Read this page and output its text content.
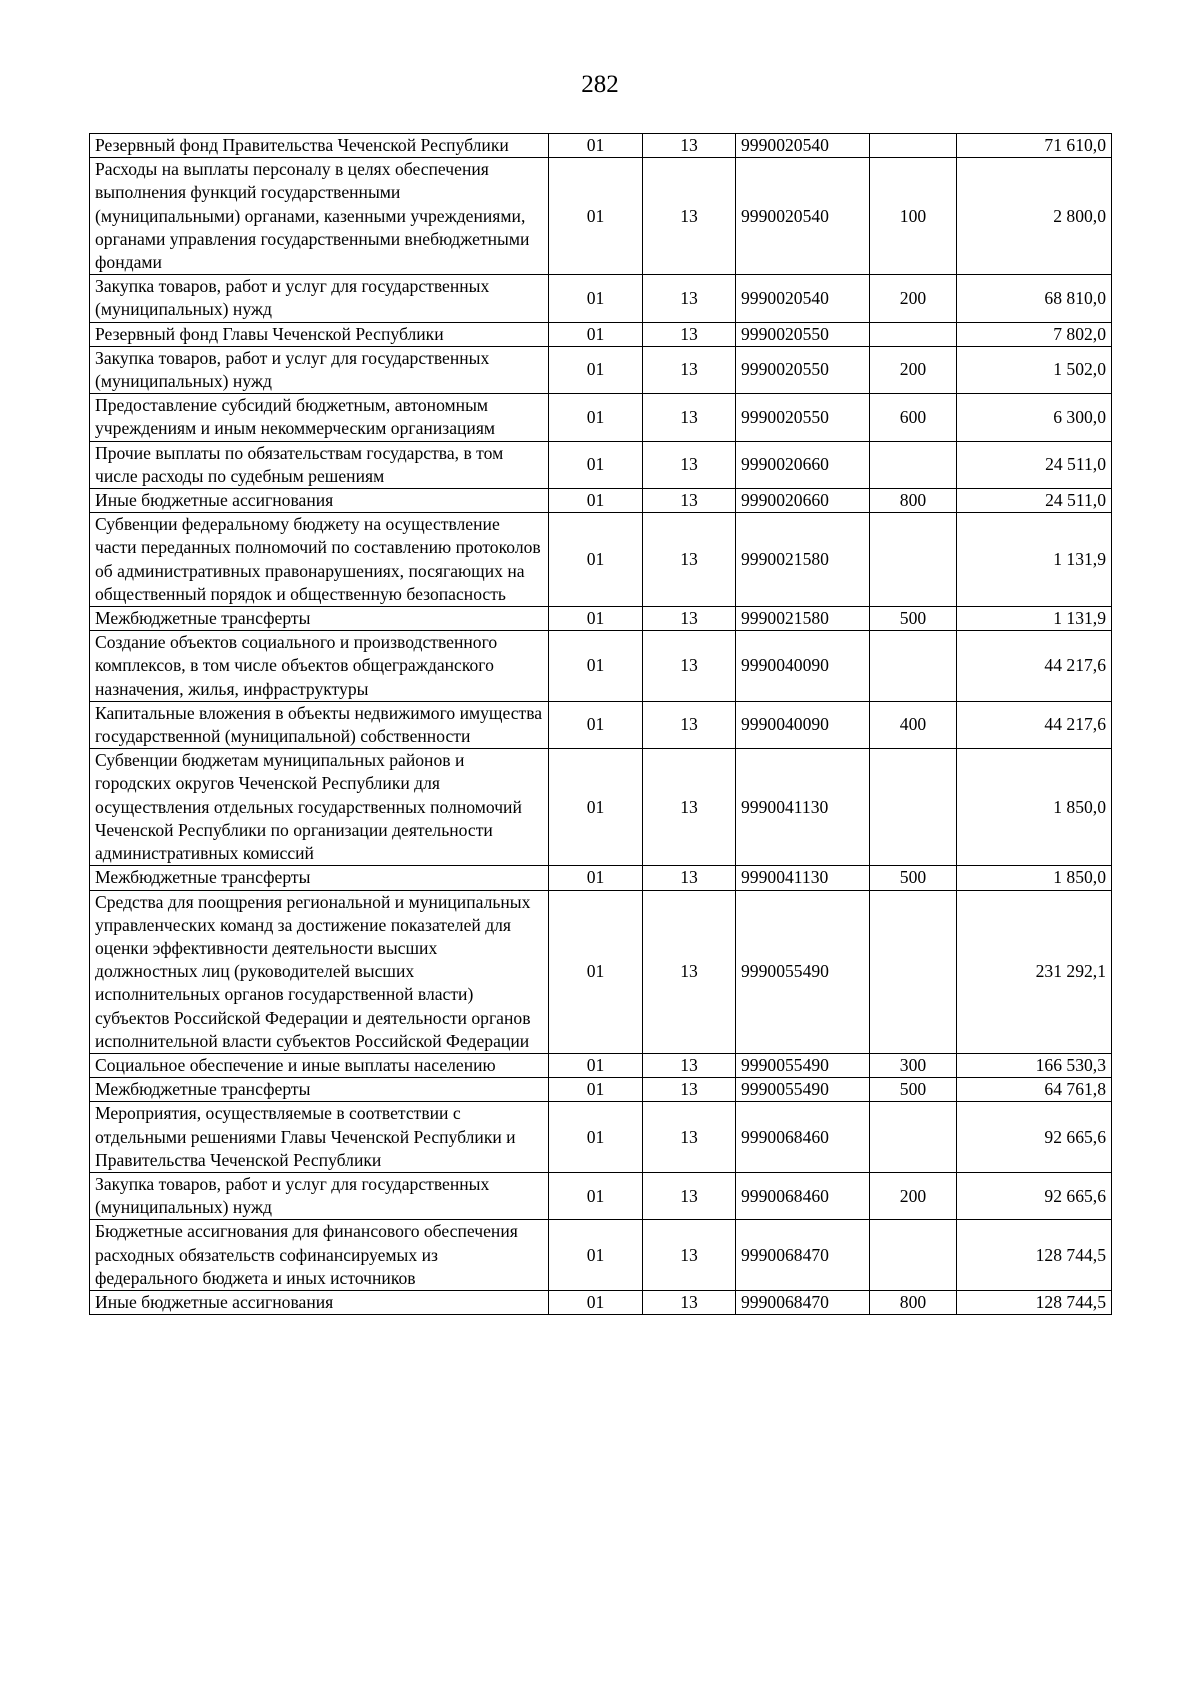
282
Резервный фонд Правительства Чеченской Республики	01	13	9990020540		71 610,0
Расходы на выплаты персоналу в целях обеспечения выполнения функций государственными (муниципальными) органами, казенными учреждениями, органами управления государственными внебюджетными фондами	01	13	9990020540	100	2 800,0
Закупка товаров, работ и услуг для государственных (муниципальных) нужд	01	13	9990020540	200	68 810,0
Резервный фонд Главы Чеченской Республики	01	13	9990020550		7 802,0
Закупка товаров, работ и услуг для государственных (муниципальных) нужд	01	13	9990020550	200	1 502,0
Предоставление субсидий бюджетным, автономным учреждениям и иным некоммерческим организациям	01	13	9990020550	600	6 300,0
Прочие выплаты по обязательствам государства, в том числе расходы по судебным решениям	01	13	9990020660		24 511,0
Иные бюджетные ассигнования	01	13	9990020660	800	24 511,0
Субвенции федеральному бюджету на осуществление части переданных полномочий по составлению протоколов об административных правонарушениях, посягающих на общественный порядок и общественную безопасность	01	13	9990021580		1 131,9
Межбюджетные трансферты	01	13	9990021580	500	1 131,9
Создание объектов социального и производственного комплексов, в том числе объектов общегражданского назначения, жилья, инфраструктуры	01	13	9990040090		44 217,6
Капитальные вложения в объекты недвижимого имущества государственной (муниципальной) собственности	01	13	9990040090	400	44 217,6
Субвенции бюджетам муниципальных районов и городских округов Чеченской Республики для осуществления отдельных государственных полномочий Чеченской Республики по организации деятельности административных комиссий	01	13	9990041130		1 850,0
Межбюджетные трансферты	01	13	9990041130	500	1 850,0
Средства для поощрения региональной и муниципальных управленческих команд за достижение показателей для оценки эффективности деятельности высших должностных лиц (руководителей высших исполнительных органов государственной власти) субъектов Российской Федерации и деятельности органов исполнительной власти субъектов Российской Федерации	01	13	9990055490		231 292,1
Социальное обеспечение и иные выплаты населению	01	13	9990055490	300	166 530,3
Межбюджетные трансферты	01	13	9990055490	500	64 761,8
Мероприятия, осуществляемые в соответствии с отдельными решениями Главы Чеченской Республики и Правительства Чеченской Республики	01	13	9990068460		92 665,6
Закупка товаров, работ и услуг для государственных (муниципальных) нужд	01	13	9990068460	200	92 665,6
Бюджетные ассигнования для финансового обеспечения расходных обязательств софинансируемых из федерального бюджета и иных источников	01	13	9990068470		128 744,5
Иные бюджетные ассигнования	01	13	9990068470	800	128 744,5
